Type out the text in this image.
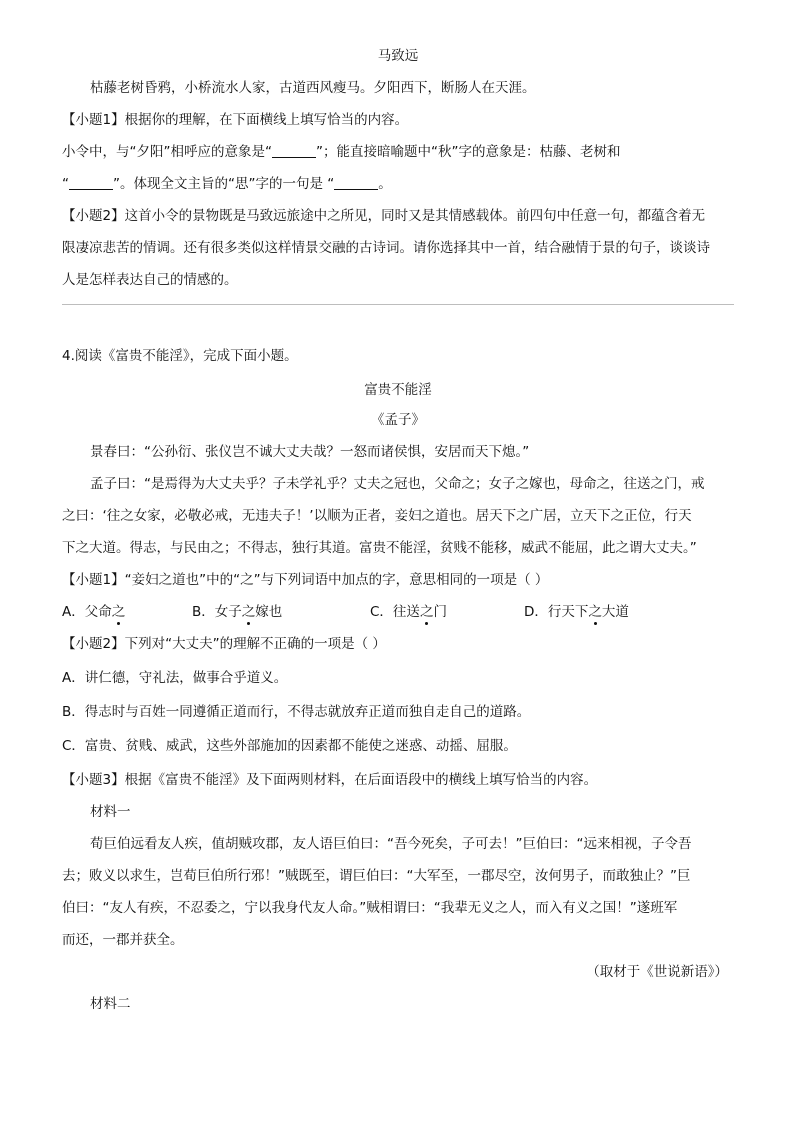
马致远
枯藤老树昏鸦，小桥流水人家，古道西风瘦马。夕阳西下，断肠人在天涯。
【小题1】根据你的理解，在下面横线上填写恰当的内容。
小令中，与“夕阳”相呼应的意象是“	”；能直接暗喻题中“秋”字的意象是：枯藤、老树和
“	”。体现全文主旨的“思”字的一句是 “	。
【小题2】这首小令的景物既是马致远旅途中之所见，同时又是其情感载体。前四句中任意一句，都蕴含着无
限凄凉悲苦的情调。还有很多类似这样情景交融的古诗词。请你选择其中一首，结合融情于景的句子，谈谈诗
人是怎样表达自己的情感的。
4.阅读《富贵不能淫》，完成下面小题。
富贵不能淫
《孟子》
景春曰：“公孙衍、张仪岂不诚大丈夫哉？一怒而诸侯惧，安居而天下熄。”
孟子曰：“是焉得为大丈夫乎？子未学礼乎？丈夫之冠也，父命之；女子之嫁也，母命之，往送之门，戒
之曰：‘往之女家，必敬必戒，无违夫子！’以顺为正者，妾妇之道也。居天下之广居，立天下之正位，行天
下之大道。得志，与民由之；不得志，独行其道。富贵不能淫，贫贱不能移，威武不能屈，此之谓大丈夫。”
【小题1】“妾妇之道也”中的“之”与下列词语中加点的字，意思相同的一项是（ ）
A．父命之	B．女子之嫁也	C．往送之门	D．行天下之大道
【小题2】下列对“大丈夫”的理解不正确的一项是（ ）
A．讲仁德，守礼法，做事合乎道义。
B．得志时与百姓一同遵循正道而行，不得志就放弃正道而独自走自己的道路。
C．富贵、贫贱、威武，这些外部施加的因素都不能使之迷惑、动摇、屈服。
【小题3】根据《富贵不能淫》及下面两则材料，在后面语段中的横线上填写恰当的内容。
材料一
荀巨伯远看友人疾，值胡贼攻郡，友人语巨伯曰：“吾今死矣，子可去！”巨伯曰：“远来相视，子令吾
去；败义以求生，岂荀巨伯所行邪！”贼既至，谓巨伯曰：“大军至，一郡尽空，汝何男子，而敢独止？”巨
伯曰：“友人有疾，不忍委之，宁以我身代友人命。”贼相谓曰：“我辈无义之人，而入有义之国！”遂班军
而还，一郡并获全。
（取材于《世说新语》）
材料二
